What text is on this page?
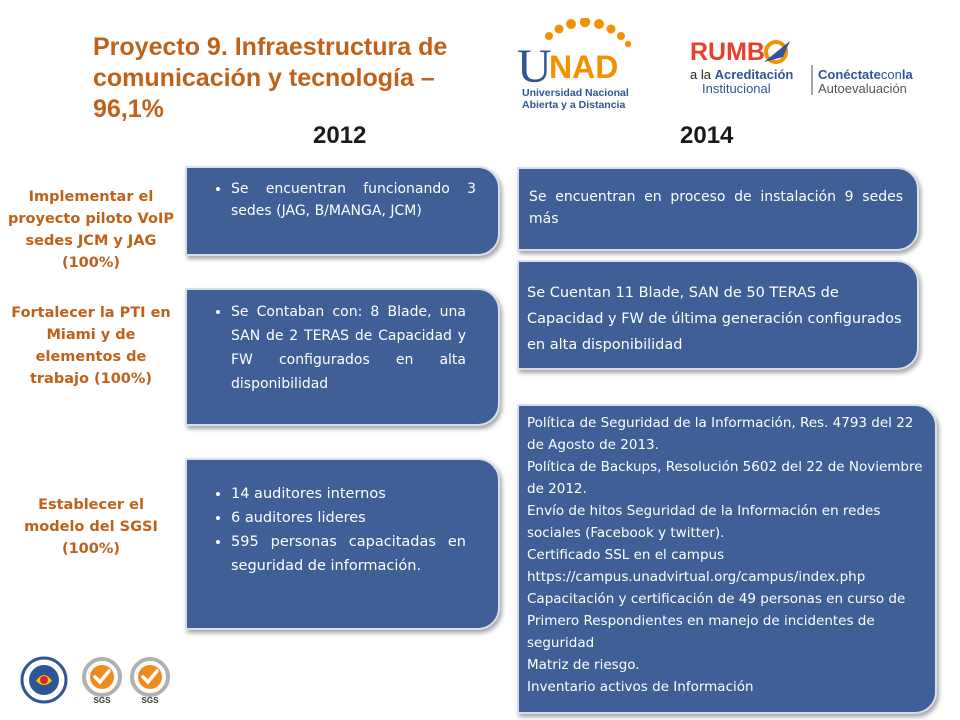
Proyecto 9. Infraestructura de comunicación y tecnología – 96,1%
U
NAD
Universidad Nacional
Abierta y a Distancia
RUMB
a la Acreditación
Institucional
Conéctateconla
Autoevaluación
2012	2014
Implementar el proyecto piloto VoIP sedes JCM y JAG (100%)
Fortalecer la PTI en Miami y de elementos de trabajo (100%)
Establecer el modelo del SGSI (100%)
• Se encuentran funcionando 3 sedes (JAG, B/MANGA, JCM)
• Se Contaban con: 8 Blade, una SAN de 2 TERAS de Capacidad y FW configurados en alta disponibilidad
• 14 auditores internos
• 6 auditores lideres
• 595 personas capacitadas en seguridad de información.
Se encuentran en proceso de instalación 9 sedes más
Se Cuentan 11 Blade, SAN de 50 TERAS de Capacidad y FW de última generación configurados en alta disponibilidad
Política de Seguridad de la Información, Res. 4793 del 22 de Agosto de 2013.
Política de Backups, Resolución 5602 del 22 de Noviembre de 2012.
Envío de hitos Seguridad de la Información en redes sociales (Facebook y twitter).
Certificado SSL en el campus
https://campus.unadvirtual.org/campus/index.php
Capacitación y certificación de 49 personas en curso de Primero Respondientes en manejo de incidentes de seguridad
Matriz de riesgo.
Inventario activos de Información
SGS	SGS
